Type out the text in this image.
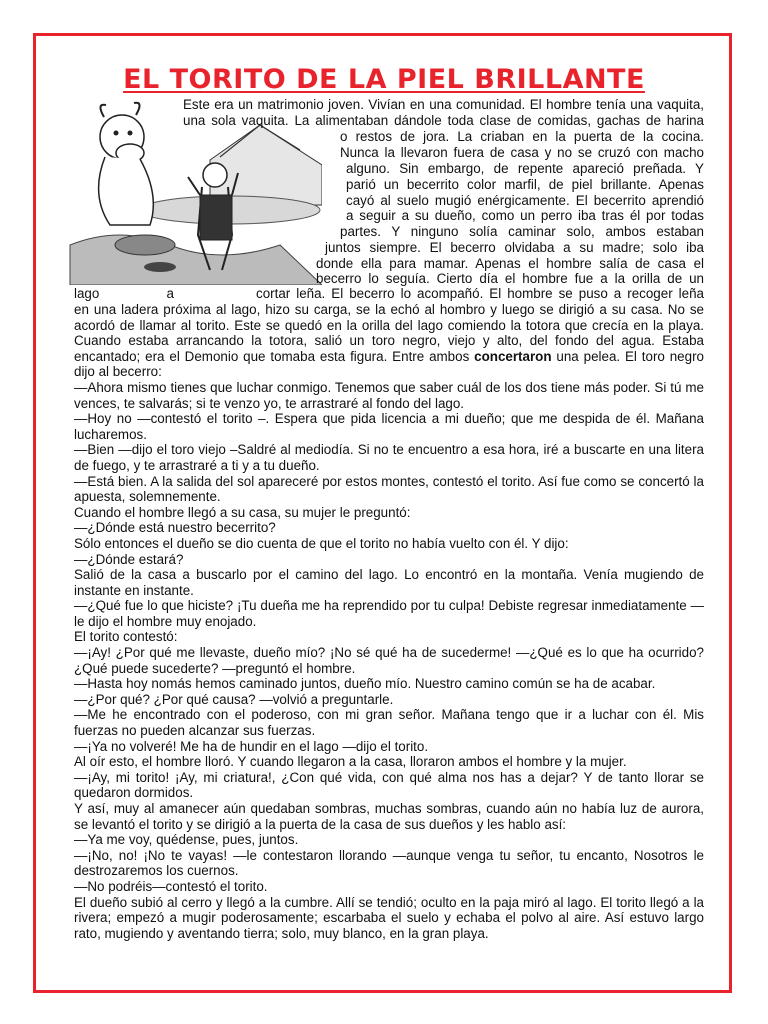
EL TORITO DE LA PIEL BRILLANTE
Este era un matrimonio joven. Vivían en una comunidad. El hombre tenía una vaquita,
una sola vaquita. La alimentaban dándole toda clase de comidas, gachas de harina
o restos de jora. La criaban en la puerta de la cocina.
Nunca la llevaron fuera de casa y no se cruzó con macho
alguno. Sin embargo, de repente apareció preñada. Y
parió un becerrito color marfil, de piel brillante. Apenas
cayó al suelo mugió enérgicamente. El becerrito aprendió
a seguir a su dueño, como un perro iba tras él por todas
partes. Y ninguno solía caminar solo, ambos estaban
juntos siempre. El becerro olvidaba a su madre; solo iba
donde ella para mamar. Apenas el hombre salía de casa el
becerro lo seguía. Cierto día el hombre fue a la orilla de un
lago a	cortar leña. El becerro lo acompañó. El hombre se puso a recoger leña

en una ladera próxima al lago, hizo su carga, se la echó al hombro y luego se dirigió a su casa. No se acordó de llamar al torito. Este se quedó en la orilla del lago comiendo la totora que crecía en la playa. Cuando estaba arrancando la totora, salió un toro negro, viejo y alto, del fondo del agua. Estaba encantado; era el Demonio que tomaba esta figura. Entre ambos concertaron una pelea. El toro negro dijo al becerro:

—Ahora mismo tienes que luchar conmigo. Tenemos que saber cuál de los dos tiene más poder. Si tú me vences, te salvarás; si te venzo yo, te arrastraré al fondo del lago.

—Hoy no —contestó el torito –. Espera que pida licencia a mi dueño; que me despida de él. Mañana lucharemos.

—Bien —dijo el toro viejo –Saldré al mediodía. Si no te encuentro a esa hora, iré a buscarte en una litera de fuego, y te arrastraré a ti y a tu dueño.

—Está bien. A la salida del sol apareceré por estos montes, contestó el torito. Así fue como se concertó la apuesta, solemnemente.

Cuando el hombre llegó a su casa, su mujer le preguntó:

—¿Dónde está nuestro becerrito?

Sólo entonces el dueño se dio cuenta de que el torito no había vuelto con él. Y dijo:

—¿Dónde estará?

Salió de la casa a buscarlo por el camino del lago. Lo encontró en la montaña. Venía mugiendo de instante en instante.

—¿Qué fue lo que hiciste? ¡Tu dueña me ha reprendido por tu culpa! Debiste regresar inmediatamente —le dijo el hombre muy enojado.

El torito contestó:

—¡Ay! ¿Por qué me llevaste, dueño mío? ¡No sé qué ha de sucederme! —¿Qué es lo que ha ocurrido? ¿Qué puede sucederte? —preguntó el hombre.

—Hasta hoy nomás hemos caminado juntos, dueño mío. Nuestro camino común se ha de acabar.

—¿Por qué? ¿Por qué causa? —volvió a preguntarle.

—Me he encontrado con el poderoso, con mi gran señor. Mañana tengo que ir a luchar con él. Mis fuerzas no pueden alcanzar sus fuerzas.

—¡Ya no volveré! Me ha de hundir en el lago —dijo el torito.

Al oír esto, el hombre lloró. Y cuando llegaron a la casa, lloraron ambos el hombre y la mujer.

—¡Ay, mi torito! ¡Ay, mi criatura!, ¿Con qué vida, con qué alma nos has a dejar? Y de tanto llorar se quedaron dormidos.

Y así, muy al amanecer aún quedaban sombras, muchas sombras, cuando aún no había luz de aurora, se levantó el torito y se dirigió a la puerta de la casa de sus dueños y les hablo así:

—Ya me voy, quédense, pues, juntos.

—¡No, no! ¡No te vayas! —le contestaron llorando —aunque venga tu señor, tu encanto, Nosotros le destrozaremos los cuernos.

—No podréis—contestó el torito.

El dueño subió al cerro y llegó a la cumbre. Allí se tendió; oculto en la paja miró al lago. El torito llegó a la rivera; empezó a mugir poderosamente; escarbaba el suelo y echaba el polvo al aire. Así estuvo largo rato, mugiendo y aventando tierra; solo, muy blanco, en la gran playa.
